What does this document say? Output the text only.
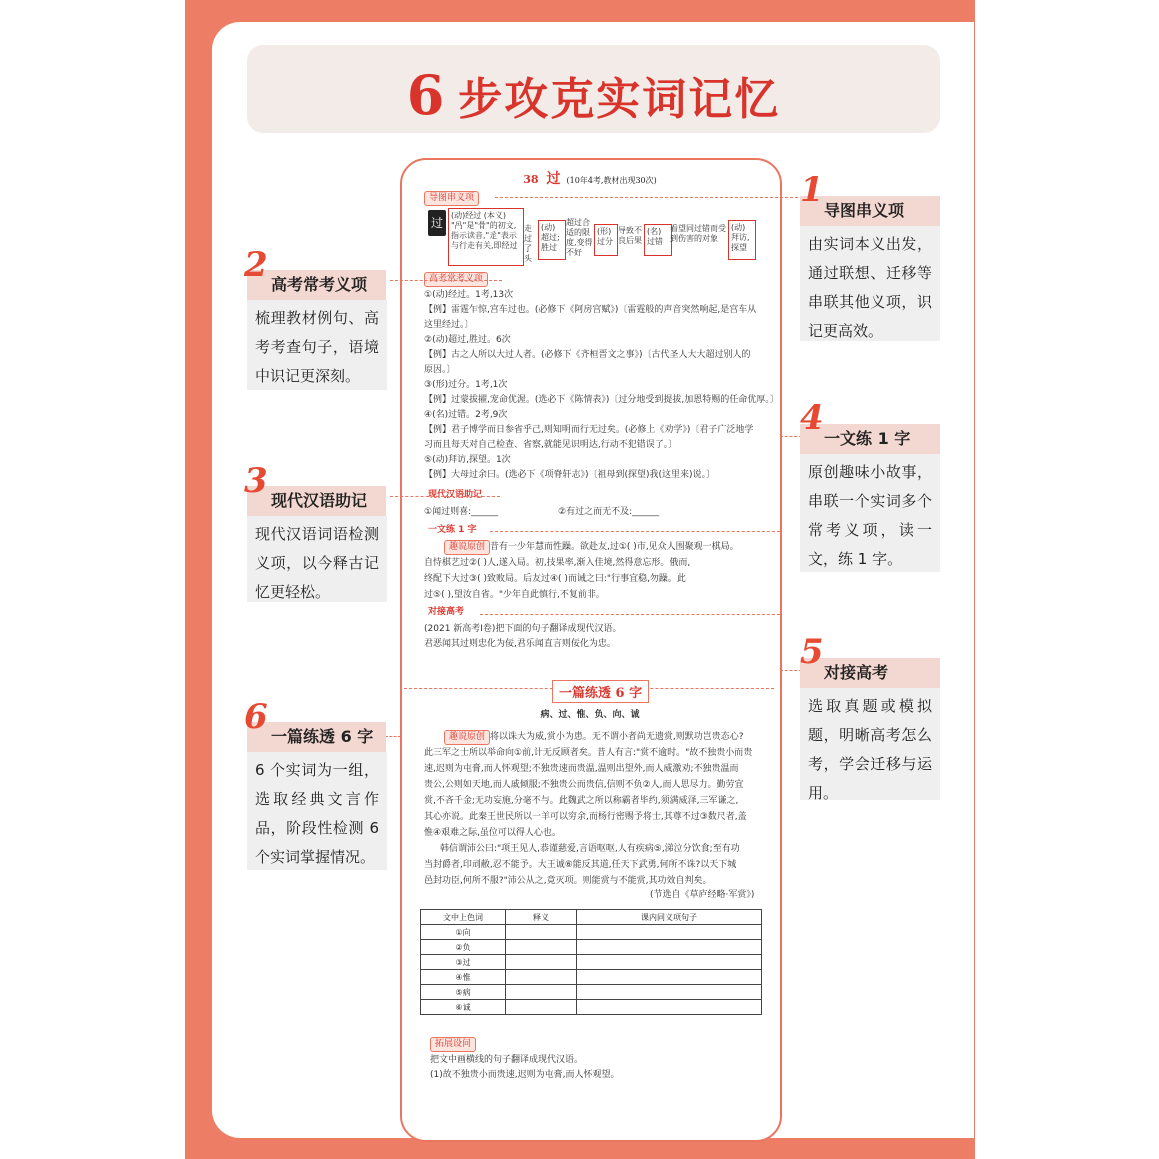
6 步攻克实词记忆
38 过 (10年4考,教材出现30次)
导图串义项
过
(动)经过 (本义) "冎"是"骨"的初文,指示读音,"辵"表示与行走有关,即经过
走过了头
(动)超过;胜过
超过合适的限度,变得不好
(形)过分
导致不良后果
(名)过错
看望同过错而受到伤害的对象
(动)拜访,探望
高考常考义项
①(动)经过。1考,13次
【例】雷霆乍惊,宫车过也。(必修下《阿房宫赋》)〔雷霆般的声音突然响起,是宫车从
这里经过。〕
②(动)超过,胜过。6次
【例】古之人所以大过人者。(必修下《齐桓晋文之事》)〔古代圣人大大超过别人的
原因。〕
③(形)过分。1考,1次
【例】过蒙拔擢,宠命优渥。(选必下《陈情表》)〔过分地受到提拔,加恩特赐的任命优厚。〕
④(名)过错。2考,9次
【例】君子博学而日参省乎己,则知明而行无过矣。(必修上《劝学》)〔君子广泛地学
习而且每天对自己检查、省察,就能见识明达,行动不犯错误了。〕
⑤(动)拜访,探望。1次
【例】大母过余曰。(选必下《项脊轩志》)〔祖母到(探望)我(这里来)说。〕
现代汉语助记
①闻过则喜:______	②有过之而无不及:______
一文练 1 字
趣说原创 昔有一少年慧而性躁。欲赴友,过①( )市,见众人围聚观一棋局。
自恃棋艺过②( )人,遂入局。初,技果率,渐入佳境,然得意忘形。俄而,
终配下大过③( )致败局。后友过④( )而诫之曰:"行事宜稳,勿躁。此
过⑤( ),望汝自省。"少年自此慎行,不复前非。
对接高考
(2021 新高考Ⅰ卷)把下面的句子翻译成现代汉语。
君恶闻其过则忠化为佞,君乐闻直言则佞化为忠。
一篇练透 6 字
病、过、惟、负、向、诚
趣说原创 将以诛大为威,赏小为患。无不谓小者尚无遗赏,则默功岂贵态心?
此三军之士所以举命向①前,计无反顾者矣。昔人有言:"赏不逾时。"故不独贵小而贵
速,迟则为屯膏,而人怀观望;不独贵速而贵温,温则出望外,而人威激劝;不独贵温而
贵公,公则如天地,而人戚倾服;不独贵公而贵信,信则不负②人,而人思尽力。勤劳宜
赏,不吝千金;无功妄施,分毫不与。此魏武之所以称霸者毕约,须满威泽,三军谦之,
其心亦说。此秦王世民所以一羊可以穷余,而杨行密赐予将士,其尊不过③数尺者,盖
惟④艰难之际,虽位可以得人心也。
韩信谓沛公曰:"项王见人,恭谨慈爱,言语呕呕,人有疾病⑤,涕泣分饮食;至有功
当封爵者,印刓敝,忍不能予。大王诚⑥能反其道,任天下武勇,何所不诛?以天下城
邑封功臣,何所不服?"沛公从之,竟灭项。则能赏与不能赏,其功效自判矣。
(节选自《草庐经略·军赏》)
文中上色词	释义	课内同义项句子
①向		
②负		
③过		
④惟		
⑤病		
⑥诚		
拓展设问
把文中画横线的句子翻译成现代汉语。
(1)故不独贵小而贵速,迟则为屯膏,而人怀观望。
导图串义项
1
由实词本义出发，通过联想、迁移等串联其他义项，识记更高效。
高考常考义项
2
梳理教材例句、高考考查句子，语境中识记更深刻。
现代汉语助记
3
现代汉语词语检测义项，以今释古记忆更轻松。
一文练 1 字
4
原创趣味小故事，串联一个实词多个常考义项，读一文，练 1 字。
对接高考
5
选取真题或模拟题，明晰高考怎么考，学会迁移与运用。
一篇练透 6 字
6
6 个实词为一组，选取经典文言作品，阶段性检测 6 个实词掌握情况。
